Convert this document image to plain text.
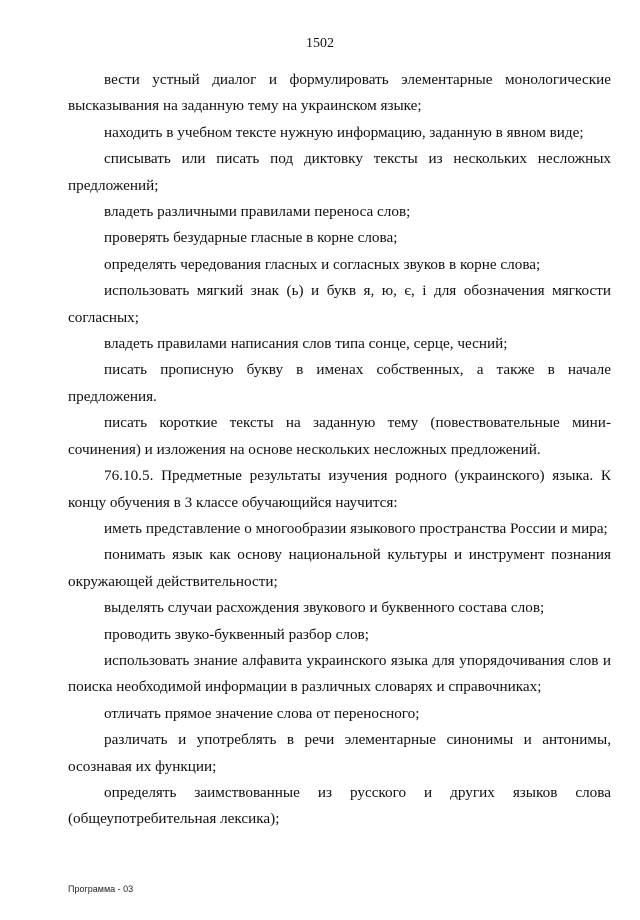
1502

вести устный диалог и формулировать элементарные монологические высказывания на заданную тему на украинском языке;

находить в учебном тексте нужную информацию, заданную в явном виде;

списывать или писать под диктовку тексты из нескольких несложных предложений;

владеть различными правилами переноса слов;

проверять безударные гласные в корне слова;

определять чередования гласных и согласных звуков в корне слова;

использовать мягкий знак (ь) и букв я, ю, є, і для обозначения мягкости согласных;

владеть правилами написания слов типа сонце, серце, чесний;

писать прописную букву в именах собственных, а также в начале предложения.

писать короткие тексты на заданную тему (повествовательные мини-сочинения) и изложения на основе нескольких несложных предложений.

76.10.5. Предметные результаты изучения родного (украинского) языка. К концу обучения в 3 классе обучающийся научится:

иметь представление о многообразии языкового пространства России и мира;

понимать язык как основу национальной культуры и инструмент познания окружающей действительности;

выделять случаи расхождения звукового и буквенного состава слов;

проводить звуко-буквенный разбор слов;

использовать знание алфавита украинского языка для упорядочивания слов и поиска необходимой информации в различных словарях и справочниках;

отличать прямое значение слова от переносного;

различать и употреблять в речи элементарные синонимы и антонимы, осознавая их функции;

определять заимствованные из русского и других языков слова (общеупотребительная лексика);

Программа - 03
